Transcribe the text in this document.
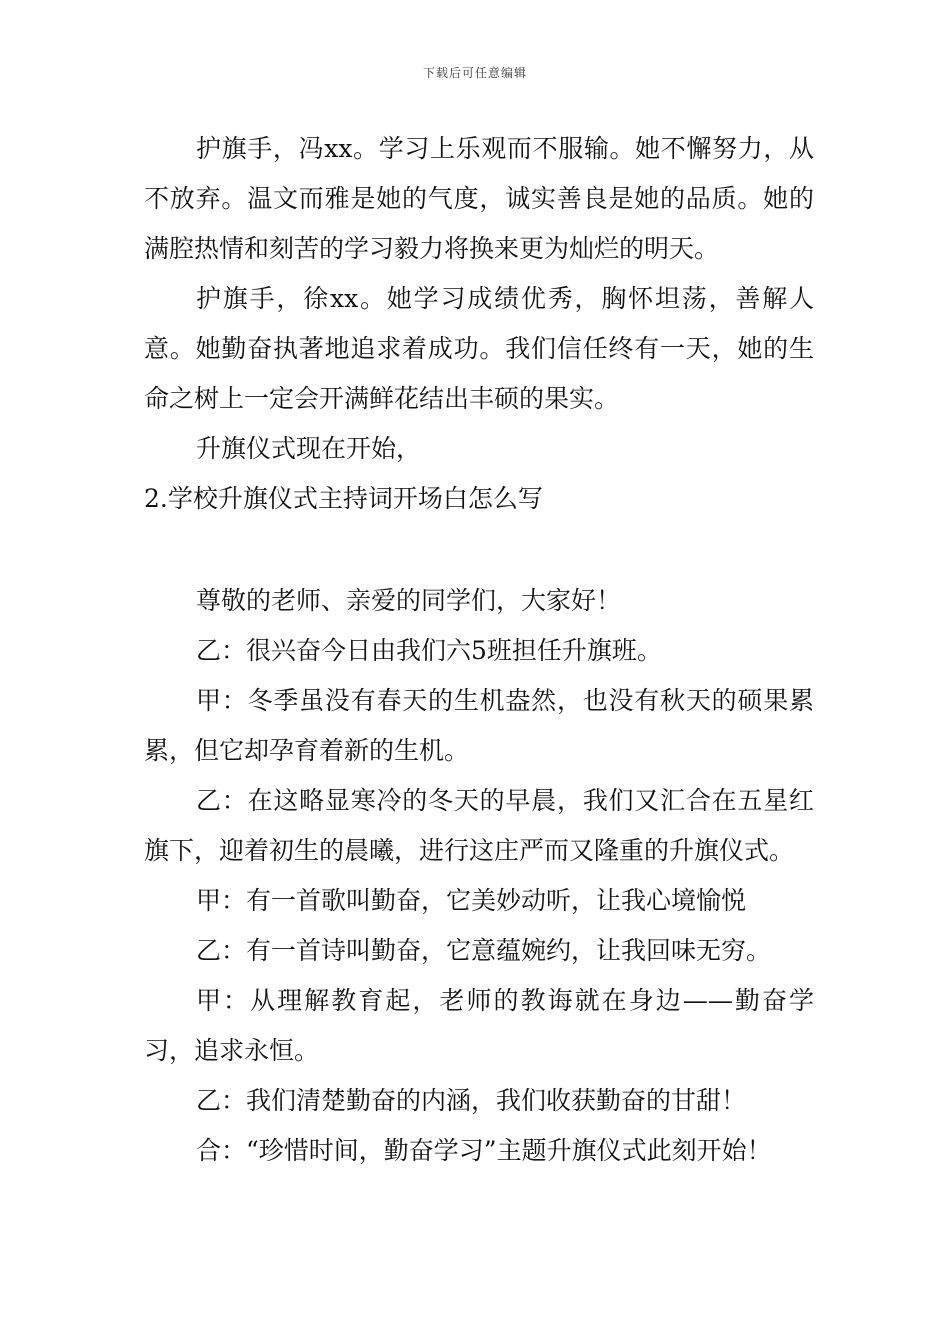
下载后可任意编辑

护旗手，冯xx。学习上乐观而不服输。她不懈努力，从不放弃。温文而雅是她的气度，诚实善良是她的品质。她的满腔热情和刻苦的学习毅力将换来更为灿烂的明天。

护旗手，徐xx。她学习成绩优秀，胸怀坦荡，善解人意。她勤奋执著地追求着成功。我们信任终有一天，她的生命之树上一定会开满鲜花结出丰硕的果实。

升旗仪式现在开始，

2.学校升旗仪式主持词开场白怎么写

尊敬的老师、亲爱的同学们，大家好！

乙：很兴奋今日由我们六5班担任升旗班。

甲：冬季虽没有春天的生机盎然，也没有秋天的硕果累累，但它却孕育着新的生机。

乙：在这略显寒冷的冬天的早晨，我们又汇合在五星红旗下，迎着初生的晨曦，进行这庄严而又隆重的升旗仪式。

甲：有一首歌叫勤奋，它美妙动听，让我心境愉悦

乙：有一首诗叫勤奋，它意蕴婉约，让我回味无穷。

甲：从理解教育起，老师的教诲就在身边——勤奋学习，追求永恒。

乙：我们清楚勤奋的内涵，我们收获勤奋的甘甜！

合：“珍惜时间，勤奋学习”主题升旗仪式此刻开始！
